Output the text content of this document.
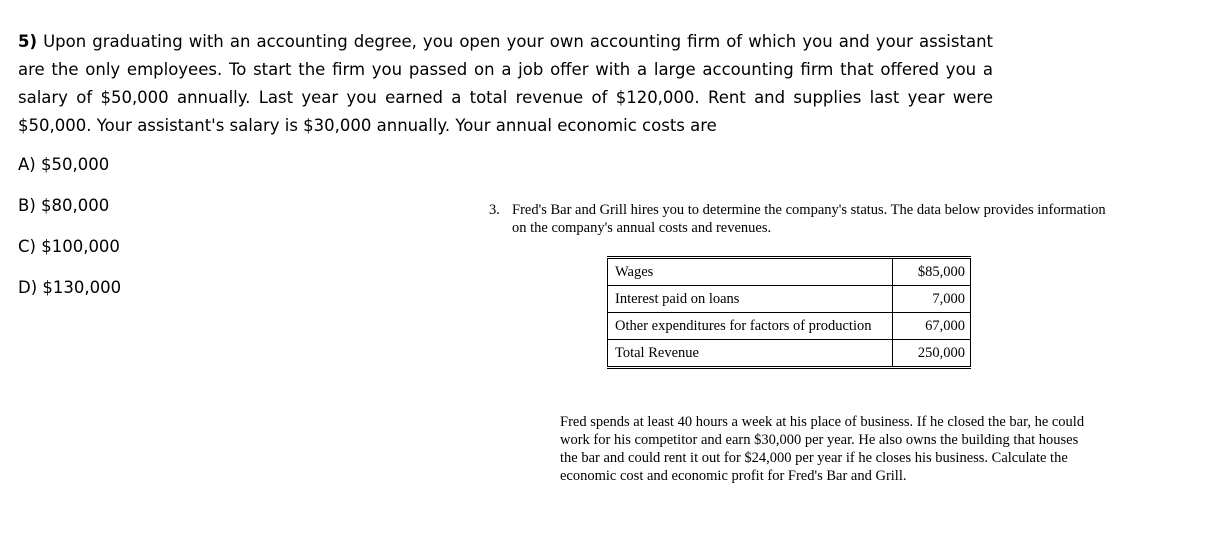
5) Upon graduating with an accounting degree, you open your own accounting firm of which you and your assistant are the only employees. To start the firm you passed on a job offer with a large accounting firm that offered you a salary of $50,000 annually. Last year you earned a total revenue of $120,000. Rent and supplies last year were $50,000. Your assistant's salary is $30,000 annually. Your annual economic costs are
A) $50,000
B) $80,000
C) $100,000
D) $130,000
3. Fred's Bar and Grill hires you to determine the company's status. The data below provides information on the company's annual costs and revenues.
Wages	$85,000
Interest paid on loans	7,000
Other expenditures for factors of production	67,000
Total Revenue	250,000
Fred spends at least 40 hours a week at his place of business. If he closed the bar, he could work for his competitor and earn $30,000 per year. He also owns the building that houses the bar and could rent it out for $24,000 per year if he closes his business. Calculate the economic cost and economic profit for Fred's Bar and Grill.
